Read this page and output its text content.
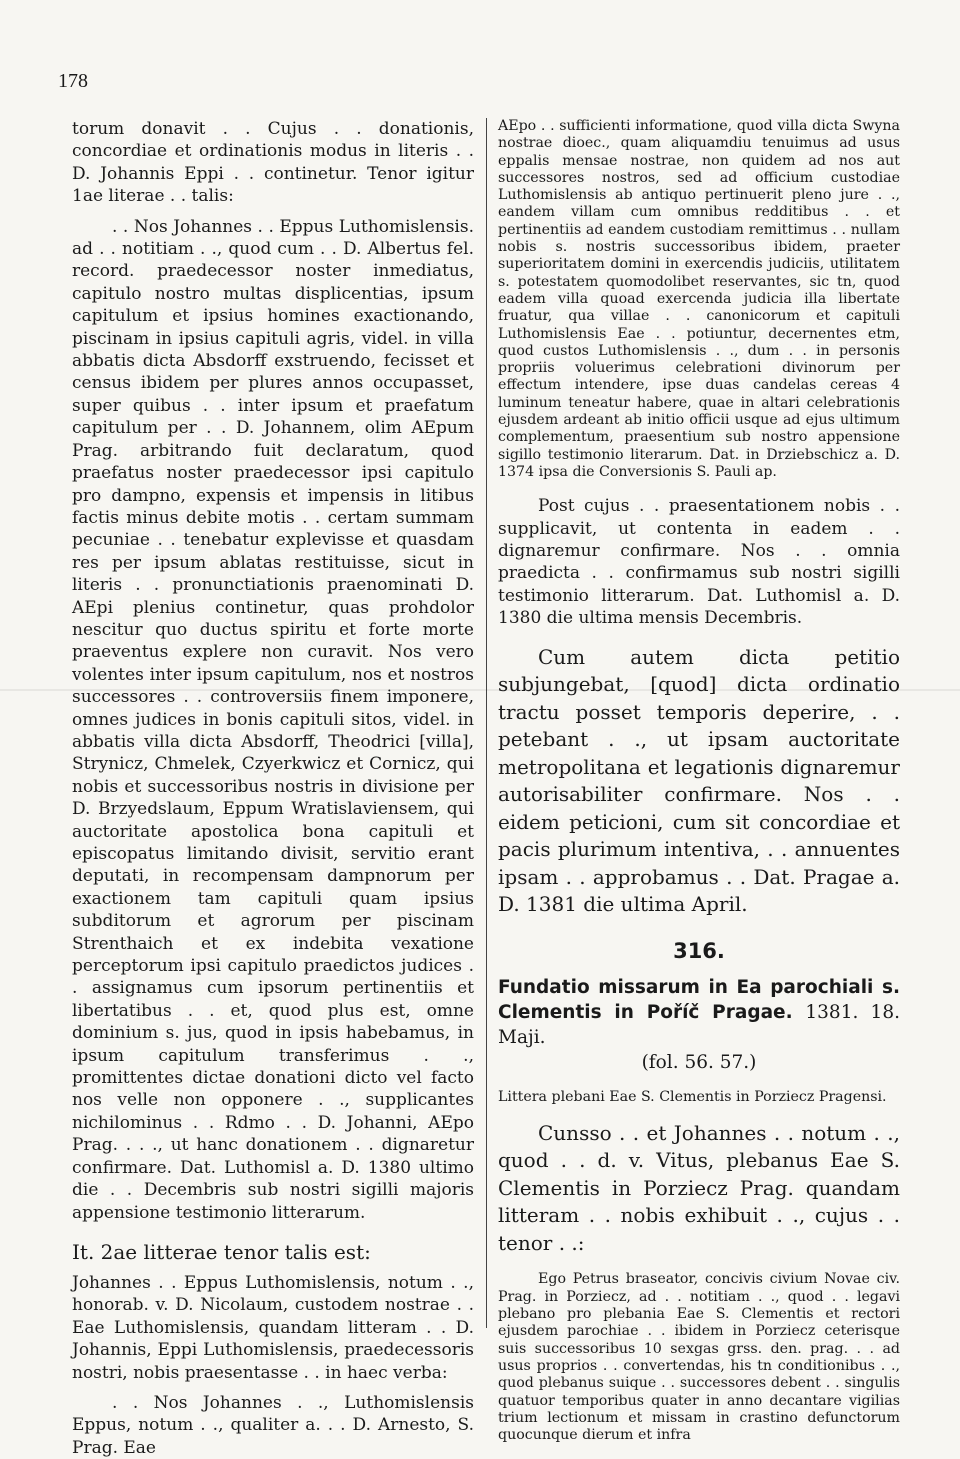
178

torum donavit . . Cujus . . donationis, concordiae et ordinationis modus in literis . . D. Johannis Eppi . . continetur. Tenor igitur 1ae literae . . talis:

. . Nos Johannes . . Eppus Luthomislensis. ad . . notitiam . ., quod cum . . D. Albertus fel. record. praedecessor noster inmediatus, capitulo nostro multas displicentias, ipsum capitulum et ipsius homines exactionando, piscinam in ipsius capituli agris, videl. in villa abbatis dicta Absdorff exstruendo, fecisset et census ibidem per plures annos occupasset, super quibus . . inter ipsum et praefatum capitulum per . . D. Johannem, olim AEpum Prag. arbitrando fuit declaratum, quod praefatus noster praedecessor ipsi capitulo pro dampno, expensis et impensis in litibus factis minus debite motis . . certam summam pecuniae . . tenebatur explevisse et quasdam res per ipsum ablatas restituisse, sicut in literis . . pronunctiationis praenominati D. AEpi plenius continetur, quas prohdolor nescitur quo ductus spiritu et forte morte praeventus explere non curavit. Nos vero volentes inter ipsum capitulum, nos et nostros successores . . controversiis finem imponere, omnes judices in bonis capituli sitos, videl. in abbatis villa dicta Absdorff, Theodrici [villa], Strynicz, Chmelek, Czyerkwicz et Cornicz, qui nobis et successoribus nostris in divisione per D. Brzyedslaum, Eppum Wratislaviensem, qui auctoritate apostolica bona capituli et episcopatus limitando divisit, servitio erant deputati, in recompensam dampnorum per exactionem tam capituli quam ipsius subditorum et agrorum per piscinam Strenthaich et ex indebita vexatione perceptorum ipsi capitulo praedictos judices . . assignamus cum ipsorum pertinentiis et libertatibus . . et, quod plus est, omne dominium s. jus, quod in ipsis habebamus, in ipsum capitulum transferimus . ., promittentes dictae donationi dicto vel facto nos velle non opponere . ., supplicantes nichilominus . . Rdmo . . D. Johanni, AEpo Prag. . . ., ut hanc donationem . . dignaretur confirmare. Dat. Luthomisl a. D. 1380 ultimo die . . Decembris sub nostri sigilli majoris appensione testimonio litterarum.

It. 2ae litterae tenor talis est:

Johannes . . Eppus Luthomislensis, notum . ., honorab. v. D. Nicolaum, custodem nostrae . . Eae Luthomislensis, quandam litteram . . D. Johannis, Eppi Luthomislensis, praedecessoris nostri, nobis praesentasse . . in haec verba:

. . Nos Johannes . ., Luthomislensis Eppus, notum . ., qualiter a. . . D. Arnesto, S. Prag. Eae

AEpo . . sufficienti informatione, quod villa dicta Swyna nostrae dioec., quam aliquamdiu tenuimus ad usus eppalis mensae nostrae, non quidem ad nos aut successores nostros, sed ad officium custodiae Luthomislensis ab antiquo pertinuerit pleno jure . ., eandem villam cum omnibus redditibus . . et pertinentiis ad eandem custodiam remittimus . . nullam nobis s. nostris successoribus ibidem, praeter superioritatem domini in exercendis judiciis, utilitatem s. potestatem quomodolibet reservantes, sic tn, quod eadem villa quoad exercenda judicia illa libertate fruatur, qua villae . . canonicorum et capituli Luthomislensis Eae . . potiuntur, decernentes etm, quod custos Luthomislensis . ., dum . . in personis propriis voluerimus celebrationi divinorum per effectum intendere, ipse duas candelas cereas 4 luminum teneatur habere, quae in altari celebrationis ejusdem ardeant ab initio officii usque ad ejus ultimum complementum, praesentium sub nostro appensione sigillo testimonio literarum. Dat. in Drziebschicz a. D. 1374 ipsa die Conversionis S. Pauli ap.

Post cujus . . praesentationem nobis . . supplicavit, ut contenta in eadem . . dignaremur confirmare. Nos . . omnia praedicta . . confirmamus sub nostri sigilli testimonio litterarum. Dat. Luthomisl a. D. 1380 die ultima mensis Decembris.

Cum autem dicta petitio subjungebat, [quod] dicta ordinatio tractu posset temporis deperire, . . petebant . ., ut ipsam auctoritate metropolitana et legationis dignaremur autorisabiliter confirmare. Nos . . eidem peticioni, cum sit concordiae et pacis plurimum intentiva, . . annuentes ipsam . . approbamus . . Dat. Pragae a. D. 1381 die ultima April.

316.
Fundatio missarum in Ea parochiali s. Clementis in Poříč Pragae. 1381. 18. Maji.
(fol. 56. 57.)

Littera plebani Eae S. Clementis in Porziecz Pragensi.

Cunsso . . et Johannes . . notum . ., quod . . d. v. Vitus, plebanus Eae S. Clementis in Porziecz Prag. quandam litteram . . nobis exhibuit . ., cujus . . tenor . .:

Ego Petrus braseator, concivis civium Novae civ. Prag. in Porziecz, ad . . notitiam . ., quod . . legavi plebano pro plebania Eae S. Clementis et rectori ejusdem parochiae . . ibidem in Porziecz ceterisque suis successoribus 10 sexgas grss. den. prag. . . ad usus proprios . . convertendas, his tn conditionibus . ., quod plebanus suique . . successores debent . . singulis quatuor temporibus quater in anno decantare vigilias trium lectionum et missam in crastino defunctorum quocunque dierum et infra
